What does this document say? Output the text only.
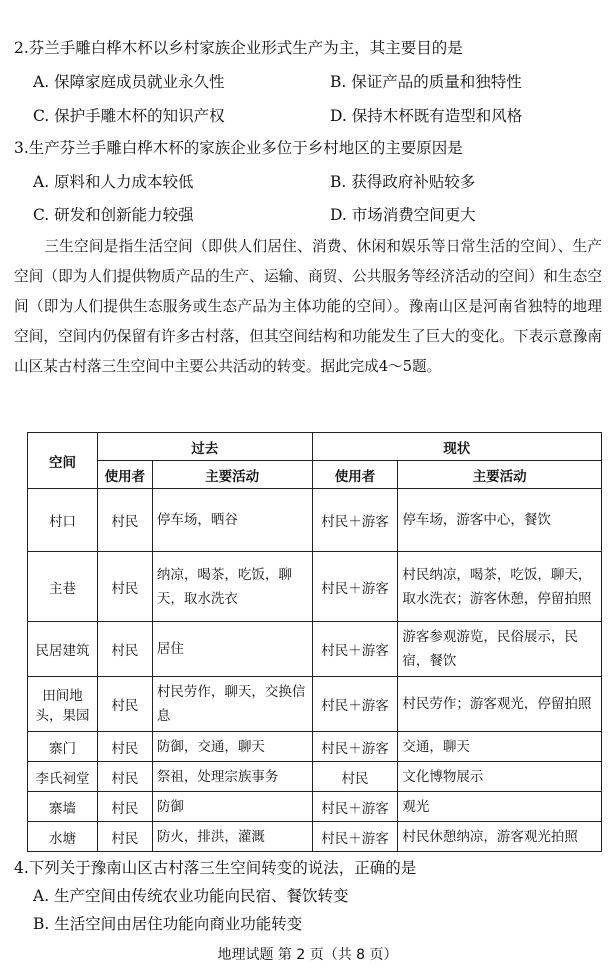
2.芬兰手雕白桦木杯以乡村家族企业形式生产为主，其主要目的是
A. 保障家庭成员就业永久性	B. 保证产品的质量和独特性
C. 保护手雕木杯的知识产权	D. 保持木杯既有造型和风格
3.生产芬兰手雕白桦木杯的家族企业多位于乡村地区的主要原因是
A. 原料和人力成本较低	B. 获得政府补贴较多
C. 研发和创新能力较强	D. 市场消费空间更大
三生空间是指生活空间（即供人们居住、消费、休闲和娱乐等日常生活的空间）、生产空间（即为人们提供物质产品的生产、运输、商贸、公共服务等经济活动的空间）和生态空间（即为人们提供生态服务或生态产品为主体功能的空间）。豫南山区是河南省独特的地理空间，空间内仍保留有许多古村落，但其空间结构和功能发生了巨大的变化。下表示意豫南山区某古村落三生空间中主要公共活动的转变。据此完成4～5题。
空间	过去		现状	
	使用者	主要活动	使用者	主要活动
村口	村民	停车场，晒谷	村民＋游客	停车场，游客中心，餐饮
主巷	村民	纳凉，喝茶，吃饭，聊天，取水洗衣	村民＋游客	村民纳凉，喝茶，吃饭，聊天，取水洗衣；游客休憩，停留拍照
民居建筑	村民	居住	村民＋游客	游客参观游览，民俗展示，民宿，餐饮
田间地头，果园	村民	村民劳作，聊天，交换信息	村民＋游客	村民劳作；游客观光，停留拍照
寨门	村民	防御，交通，聊天	村民＋游客	交通，聊天
李氏祠堂	村民	祭祖，处理宗族事务	村民	文化博物展示
寨墙	村民	防御	村民＋游客	观光
水塘	村民	防火，排洪，灌溉	村民＋游客	村民休憩纳凉，游客观光拍照
4.下列关于豫南山区古村落三生空间转变的说法，正确的是
A. 生产空间由传统农业功能向民宿、餐饮转变
B. 生活空间由居住功能向商业功能转变
地理试题 第 2 页（共 8 页）
